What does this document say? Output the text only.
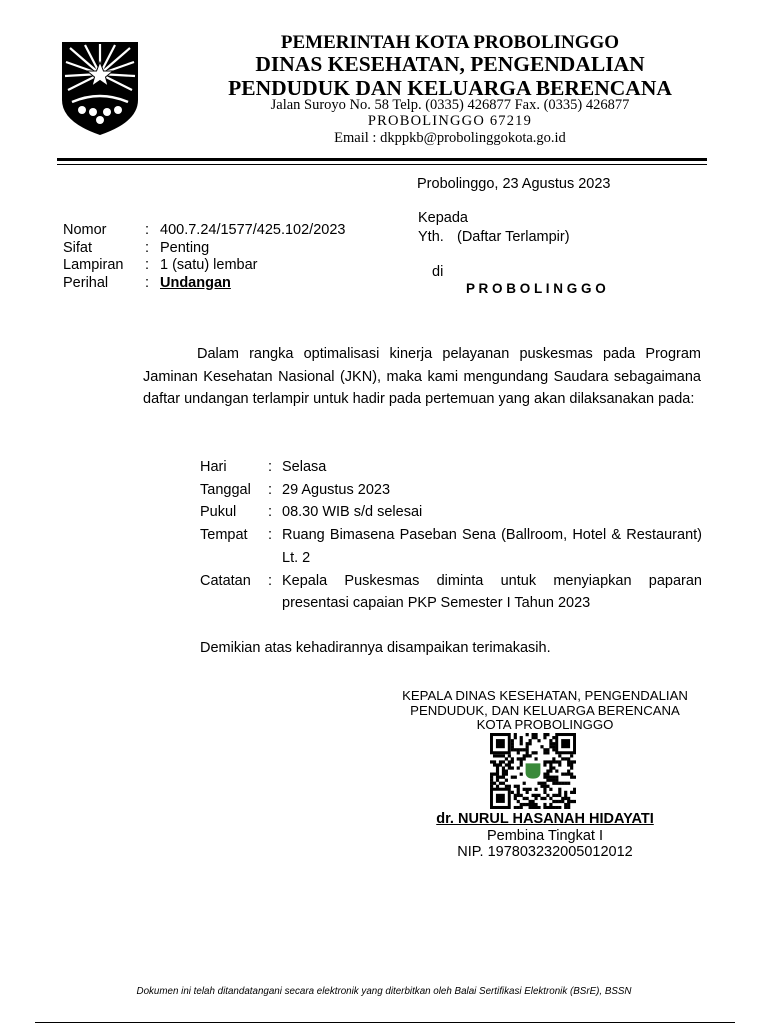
PEMERINTAH KOTA PROBOLINGGO
DINAS KESEHATAN, PENGENDALIAN
PENDUDUK DAN KELUARGA BERENCANA
Jalan Suroyo No. 58 Telp. (0335) 426877 Fax. (0335) 426877
PROBOLINGGO 67219
Email : dkppkb@probolinggokota.go.id
Probolinggo, 23 Agustus 2023
Nomor	: 400.7.24/1577/425.102/2023
Sifat	: Penting
Lampiran	: 1 (satu) lembar
Perihal	: Undangan
Kepada
Yth. (Daftar Terlampir)
di
P R O B O L I N G G O
Dalam rangka optimalisasi kinerja pelayanan puskesmas pada Program Jaminan Kesehatan Nasional (JKN), maka kami mengundang Saudara sebagaimana daftar undangan terlampir untuk hadir pada pertemuan yang akan dilaksanakan pada:
Hari	: Selasa
Tanggal	: 29 Agustus 2023
Pukul	: 08.30 WIB s/d selesai
Tempat	: Ruang Bimasena Paseban Sena (Ballroom, Hotel & Restaurant) Lt. 2
Catatan	: Kepala Puskesmas diminta untuk menyiapkan paparan presentasi capaian PKP Semester I Tahun 2023
Demikian atas kehadirannya disampaikan terimakasih.
KEPALA DINAS KESEHATAN, PENGENDALIAN
PENDUDUK, DAN KELUARGA BERENCANA
KOTA PROBOLINGGO
dr. NURUL HASANAH HIDAYATI
Pembina Tingkat I
NIP. 197803232005012012
Dokumen ini telah ditandatangani secara elektronik yang diterbitkan oleh Balai Sertifikasi Elektronik (BSrE), BSSN
